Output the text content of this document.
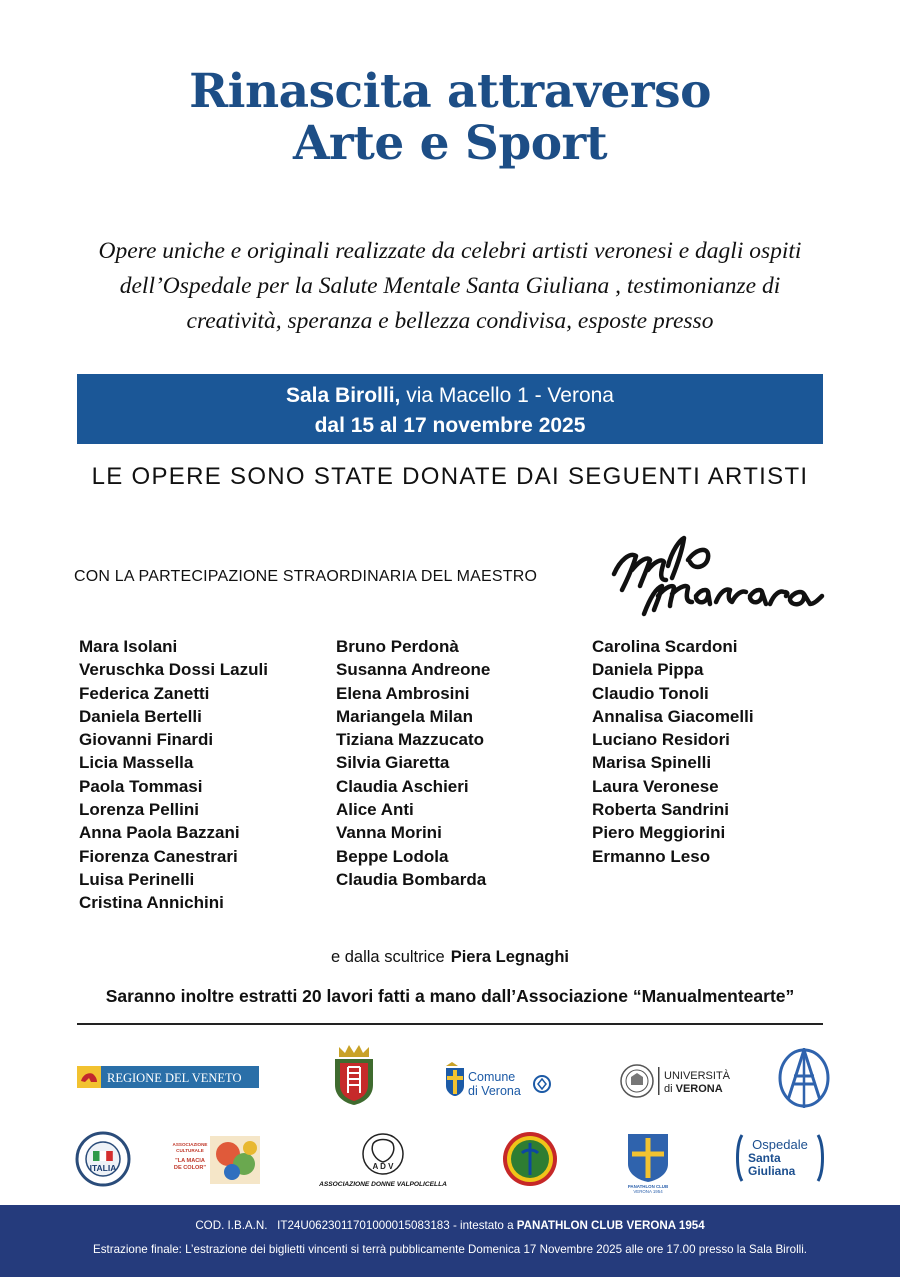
Rinascita attraverso
Arte e Sport
Opere uniche e originali realizzate da celebri artisti veronesi e dagli ospiti
dell’Ospedale per la Salute Mentale Santa Giuliana , testimonianze di
creatività, speranza e bellezza condivisa, esposte presso
Sala Birolli, via Macello 1 - Verona
dal 15 al 17 novembre 2025
LE OPERE SONO STATE DONATE DAI SEGUENTI ARTISTI
CON LA PARTECIPAZIONE STRAORDINARIA DEL MAESTRO
Mara Isolani
Veruschka Dossi Lazuli
Federica Zanetti
Daniela Bertelli
Giovanni Finardi
Licia Massella
Paola Tommasi
Lorenza Pellini
Anna Paola Bazzani
Fiorenza Canestrari
Luisa Perinelli
Cristina Annichini
Bruno Perdonà
Susanna Andreone
Elena Ambrosini
Mariangela Milan
Tiziana Mazzucato
Silvia Giaretta
Claudia Aschieri
Alice Anti
Vanna Morini
Beppe Lodola
Claudia Bombarda
Carolina Scardoni
Daniela Pippa
Claudio Tonoli
Annalisa Giacomelli
Luciano Residori
Marisa Spinelli
Laura Veronese
Roberta Sandrini
Piero Meggiorini
Ermanno Leso
e dalla scultrice Piera Legnaghi
Saranno inoltre estratti 20 lavori fatti a mano dall’Associazione “Manualmentearte”
REGIONE DEL VENETO	Comune
di Verona
UNIVERSITÀ
di VERONA
ITALIA
ASSOCIAZIONE
CULTURALE
"LA MACIA
DE COLOR"	A D V
ASSOCIAZIONE DONNE VALPOLICELLA	PANATHLON CLUB
VERONA 1954
Ospedale
Santa
Giuliana
COD. I.B.A.N. IT24U0623011701000015083183 - intestato a PANATHLON CLUB VERONA 1954
Estrazione finale: L’estrazione dei biglietti vincenti si terrà pubblicamente Domenica 17 Novembre 2025 alle ore 17.00 presso la Sala Birolli.
